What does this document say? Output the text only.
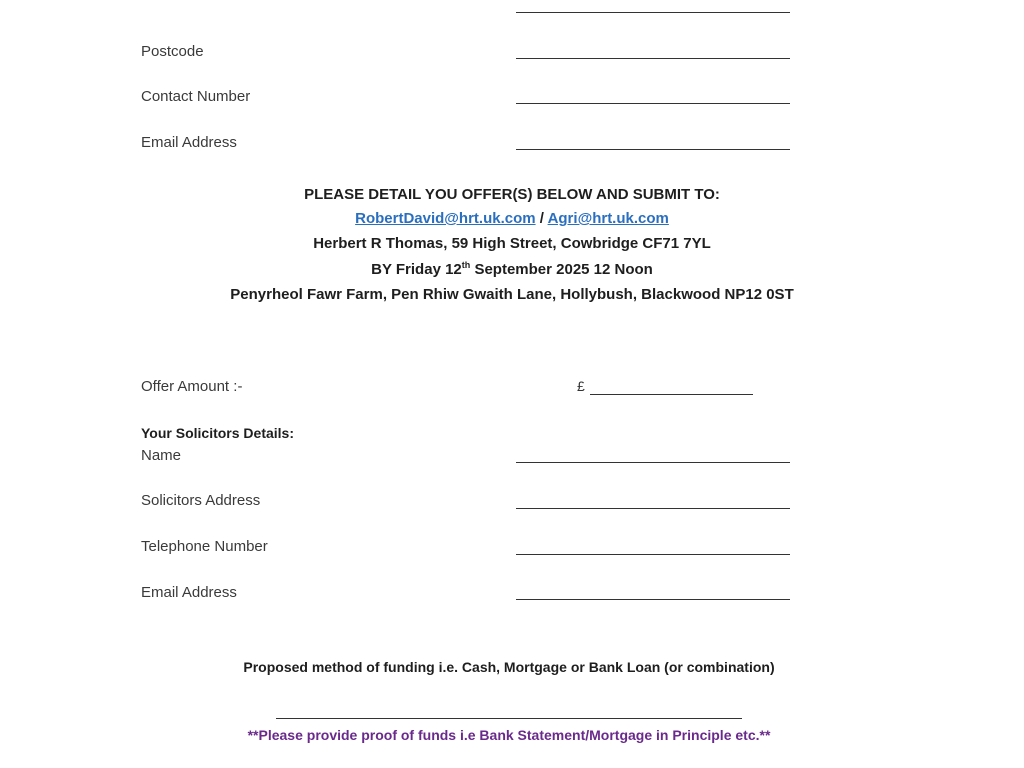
Postcode
Contact Number
Email Address
PLEASE DETAIL YOU OFFER(S) BELOW AND SUBMIT TO:
RobertDavid@hrt.uk.com / Agri@hrt.uk.com
Herbert R Thomas, 59 High Street, Cowbridge CF71 7YL
BY Friday 12th September 2025 12 Noon
Penyrheol Fawr Farm, Pen Rhiw Gwaith Lane, Hollybush, Blackwood NP12 0ST
Offer Amount :-	£
Your Solicitors Details:
Name
Solicitors Address
Telephone Number
Email Address
Proposed method of funding i.e. Cash, Mortgage or Bank Loan (or combination)
**Please provide proof of funds i.e Bank Statement/Mortgage in Principle etc.**
